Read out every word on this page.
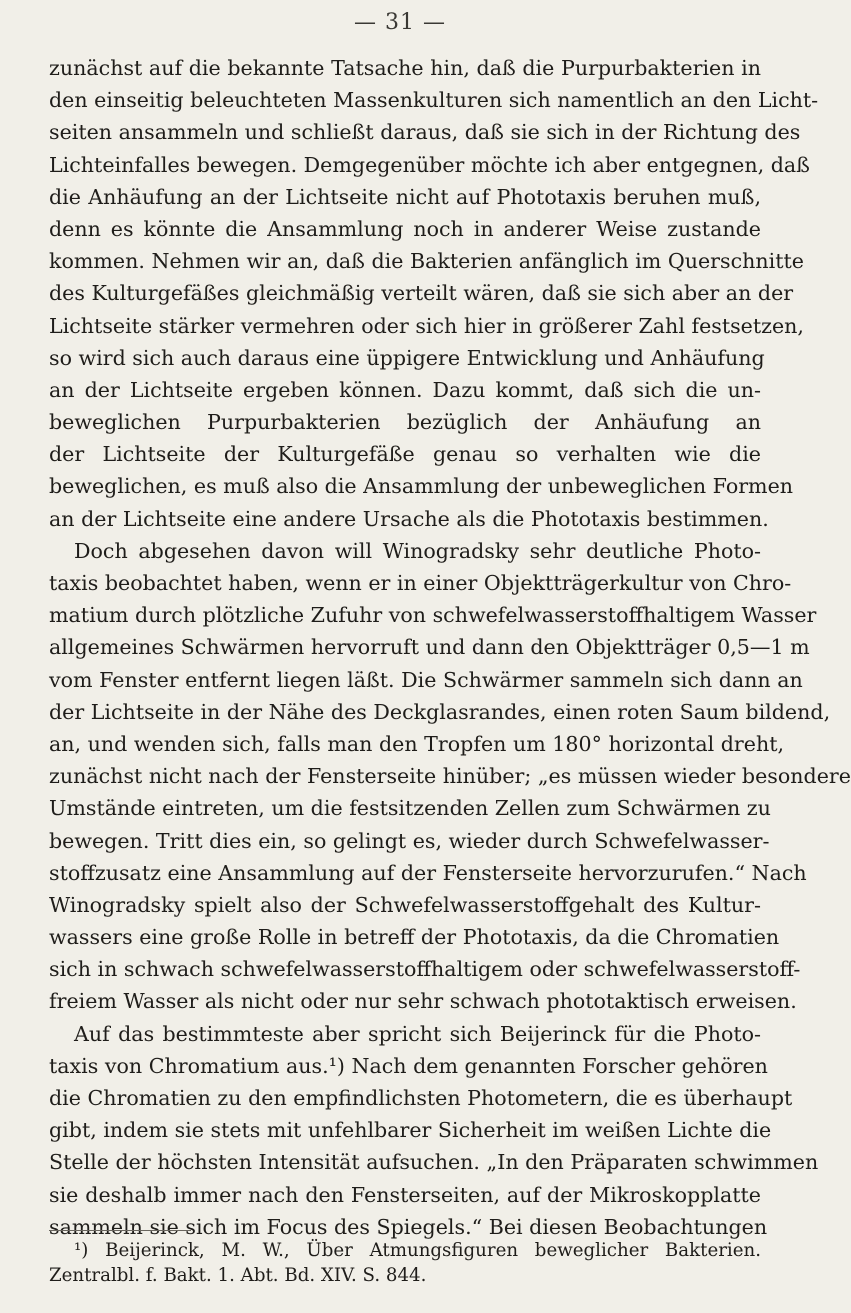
— 31 —
zunächst auf die bekannte Tatsache hin, daß die Purpurbakterien in
den einseitig beleuchteten Massenkulturen sich namentlich an den Licht-
seiten ansammeln und schließt daraus, daß sie sich in der Richtung des
Lichteinfalles bewegen. Demgegenüber möchte ich aber entgegnen, daß
die Anhäufung an der Lichtseite nicht auf Phototaxis beruhen muß,
denn es könnte die Ansammlung noch in anderer Weise zustande
kommen. Nehmen wir an, daß die Bakterien anfänglich im Querschnitte
des Kulturgefäßes gleichmäßig verteilt wären, daß sie sich aber an der
Lichtseite stärker vermehren oder sich hier in größerer Zahl festsetzen,
so wird sich auch daraus eine üppigere Entwicklung und Anhäufung
an der Lichtseite ergeben können. Dazu kommt, daß sich die un-
beweglichen Purpurbakterien bezüglich der Anhäufung an
der Lichtseite der Kulturgefäße genau so verhalten wie die
beweglichen, es muß also die Ansammlung der unbeweglichen Formen
an der Lichtseite eine andere Ursache als die Phototaxis bestimmen.
Doch abgesehen davon will Winogradsky sehr deutliche Photo-
taxis beobachtet haben, wenn er in einer Objektträgerkultur von Chro-
matium durch plötzliche Zufuhr von schwefelwasserstoffhaltigem Wasser
allgemeines Schwärmen hervorruft und dann den Objektträger 0,5—1 m
vom Fenster entfernt liegen läßt. Die Schwärmer sammeln sich dann an
der Lichtseite in der Nähe des Deckglasrandes, einen roten Saum bildend,
an, und wenden sich, falls man den Tropfen um 180° horizontal dreht,
zunächst nicht nach der Fensterseite hinüber; „es müssen wieder besondere
Umstände eintreten, um die festsitzenden Zellen zum Schwärmen zu
bewegen. Tritt dies ein, so gelingt es, wieder durch Schwefelwasser-
stoffzusatz eine Ansammlung auf der Fensterseite hervorzurufen.“ Nach
Winogradsky spielt also der Schwefelwasserstoffgehalt des Kultur-
wassers eine große Rolle in betreff der Phototaxis, da die Chromatien
sich in schwach schwefelwasserstoffhaltigem oder schwefelwasserstoff-
freiem Wasser als nicht oder nur sehr schwach phototaktisch erweisen.
Auf das bestimmteste aber spricht sich Beijerinck für die Photo-
taxis von Chromatium aus.¹) Nach dem genannten Forscher gehören
die Chromatien zu den empfindlichsten Photometern, die es überhaupt
gibt, indem sie stets mit unfehlbarer Sicherheit im weißen Lichte die
Stelle der höchsten Intensität aufsuchen. „In den Präparaten schwimmen
sie deshalb immer nach den Fensterseiten, auf der Mikroskopplatte
sammeln sie sich im Focus des Spiegels.“ Bei diesen Beobachtungen
¹) Beijerinck, M. W., Über Atmungsfiguren beweglicher Bakterien.
Zentralbl. f. Bakt. 1. Abt. Bd. XIV. S. 844.
